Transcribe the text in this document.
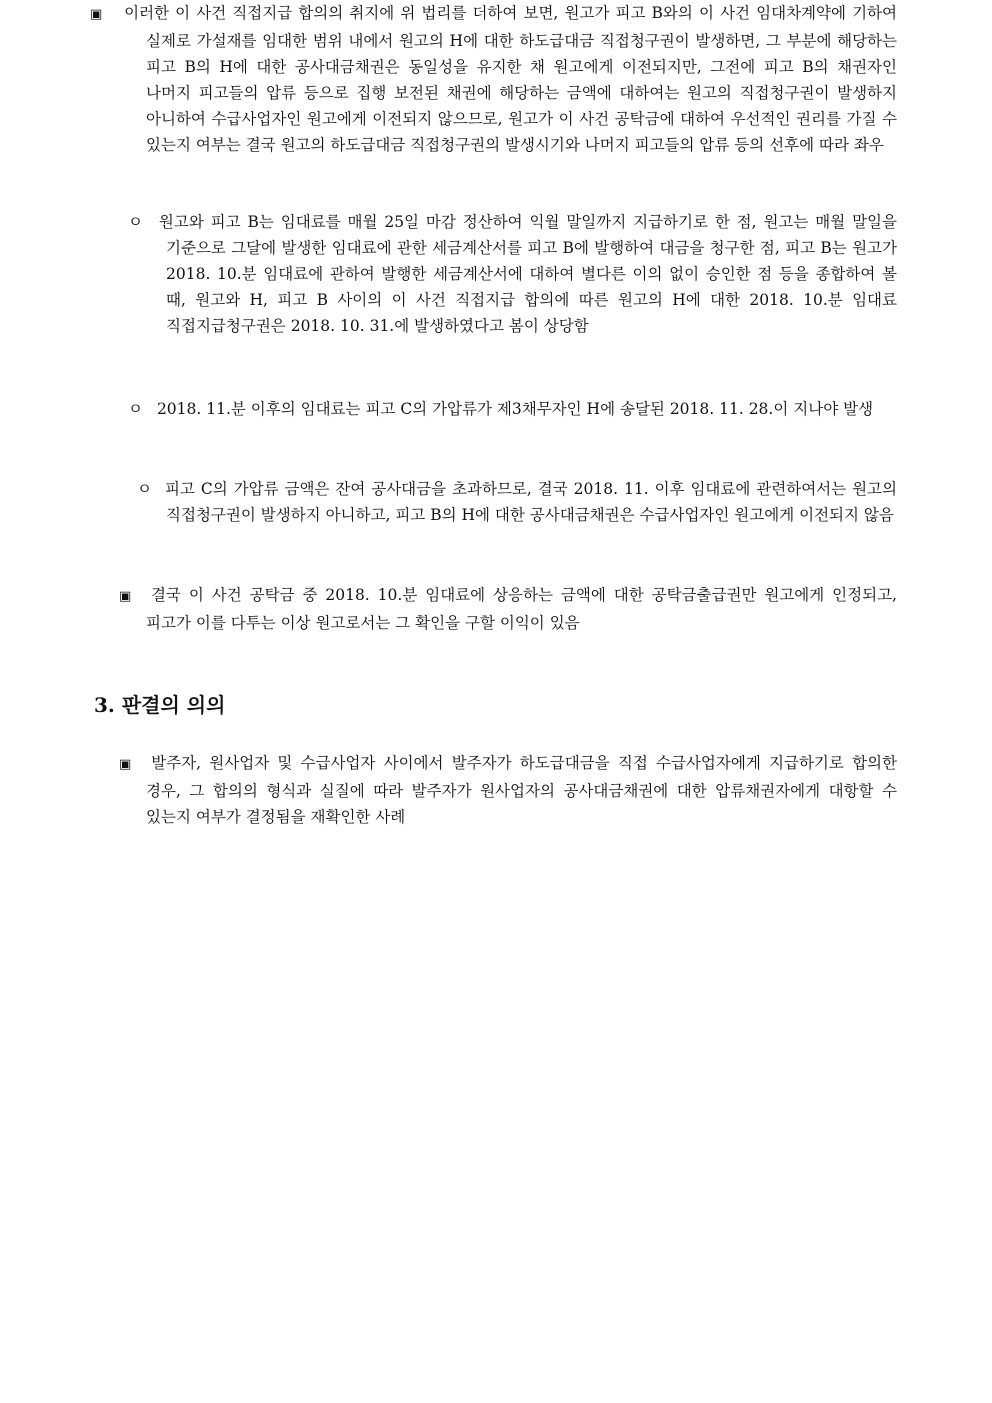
▣ 이러한 이 사건 직접지급 합의의 취지에 위 법리를 더하여 보면, 원고가 피고 B와의 이 사건 임대차계약에 기하여 실제로 가설재를 임대한 범위 내에서 원고의 H에 대한 하도급대금 직접청구권이 발생하면, 그 부분에 해당하는 피고 B의 H에 대한 공사대금채권은 동일성을 유지한 채 원고에게 이전되지만, 그전에 피고 B의 채권자인 나머지 피고들의 압류 등으로 집행 보전된 채권에 해당하는 금액에 대하여는 원고의 직접청구권이 발생하지 아니하여 수급사업자인 원고에게 이전되지 않으므로, 원고가 이 사건 공탁금에 대하여 우선적인 권리를 가질 수 있는지 여부는 결국 원고의 하도급대금 직접청구권의 발생시기와 나머지 피고들의 압류 등의 선후에 따라 좌우
ㅇ 원고와 피고 B는 임대료를 매월 25일 마감 정산하여 익월 말일까지 지급하기로 한 점, 원고는 매월 말일을 기준으로 그달에 발생한 임대료에 관한 세금계산서를 피고 B에 발행하여 대금을 청구한 점, 피고 B는 원고가 2018. 10.분 임대료에 관하여 발행한 세금계산서에 대하여 별다른 이의 없이 승인한 점 등을 종합하여 볼 때, 원고와 H, 피고 B 사이의 이 사건 직접지급 합의에 따른 원고의 H에 대한 2018. 10.분 임대료 직접지급청구권은 2018. 10. 31.에 발생하였다고 봄이 상당함
ㅇ 2018. 11.분 이후의 임대료는 피고 C의 가압류가 제3채무자인 H에 송달된 2018. 11. 28.이 지나야 발생
ㅇ 피고 C의 가압류 금액은 잔여 공사대금을 초과하므로, 결국 2018. 11. 이후 임대료에 관련하여서는 원고의 직접청구권이 발생하지 아니하고, 피고 B의 H에 대한 공사대금채권은 수급사업자인 원고에게 이전되지 않음
▣ 결국 이 사건 공탁금 중 2018. 10.분 임대료에 상응하는 금액에 대한 공탁금출급권만 원고에게 인정되고, 피고가 이를 다투는 이상 원고로서는 그 확인을 구할 이익이 있음
3. 판결의 의의
▣ 발주자, 원사업자 및 수급사업자 사이에서 발주자가 하도급대금을 직접 수급사업자에게 지급하기로 합의한 경우, 그 합의의 형식과 실질에 따라 발주자가 원사업자의 공사대금채권에 대한 압류채권자에게 대항할 수 있는지 여부가 결정됨을 재확인한 사례
